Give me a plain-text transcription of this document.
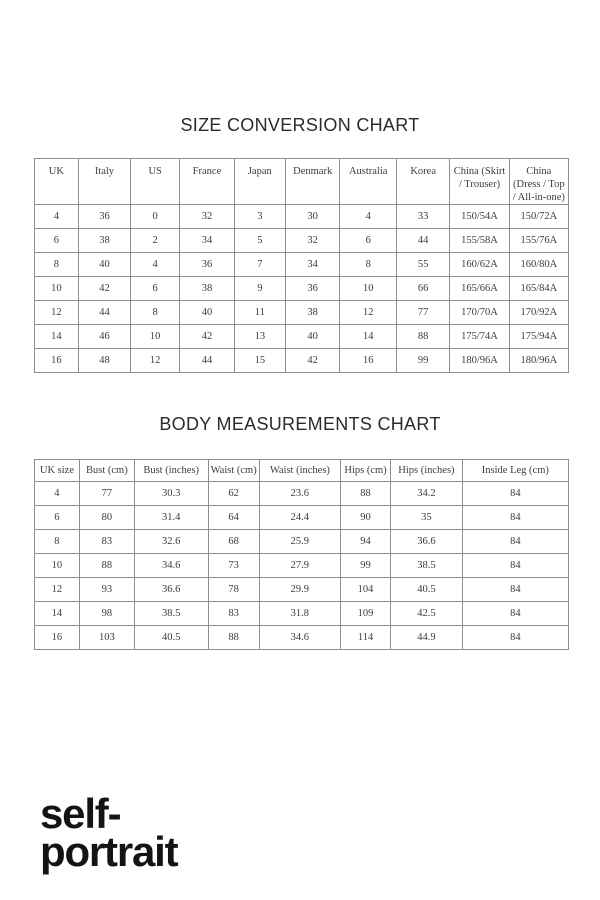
SIZE CONVERSION CHART
UK	Italy	US	France	Japan	Denmark	Australia	Korea	China (Skirt / Trouser)	China (Dress / Top / All-in-one)
4	36	0	32	3	30	4	33	150/54A	150/72A
6	38	2	34	5	32	6	44	155/58A	155/76A
8	40	4	36	7	34	8	55	160/62A	160/80A
10	42	6	38	9	36	10	66	165/66A	165/84A
12	44	8	40	11	38	12	77	170/70A	170/92A
14	46	10	42	13	40	14	88	175/74A	175/94A
16	48	12	44	15	42	16	99	180/96A	180/96A
BODY MEASUREMENTS CHART
UK size	Bust (cm)	Bust (inches)	Waist (cm)	Waist (inches)	Hips (cm)	Hips (inches)	Inside Leg (cm)
4	77	30.3	62	23.6	88	34.2	84
6	80	31.4	64	24.4	90	35	84
8	83	32.6	68	25.9	94	36.6	84
10	88	34.6	73	27.9	99	38.5	84
12	93	36.6	78	29.9	104	40.5	84
14	98	38.5	83	31.8	109	42.5	84
16	103	40.5	88	34.6	114	44.9	84
self-
portrait
